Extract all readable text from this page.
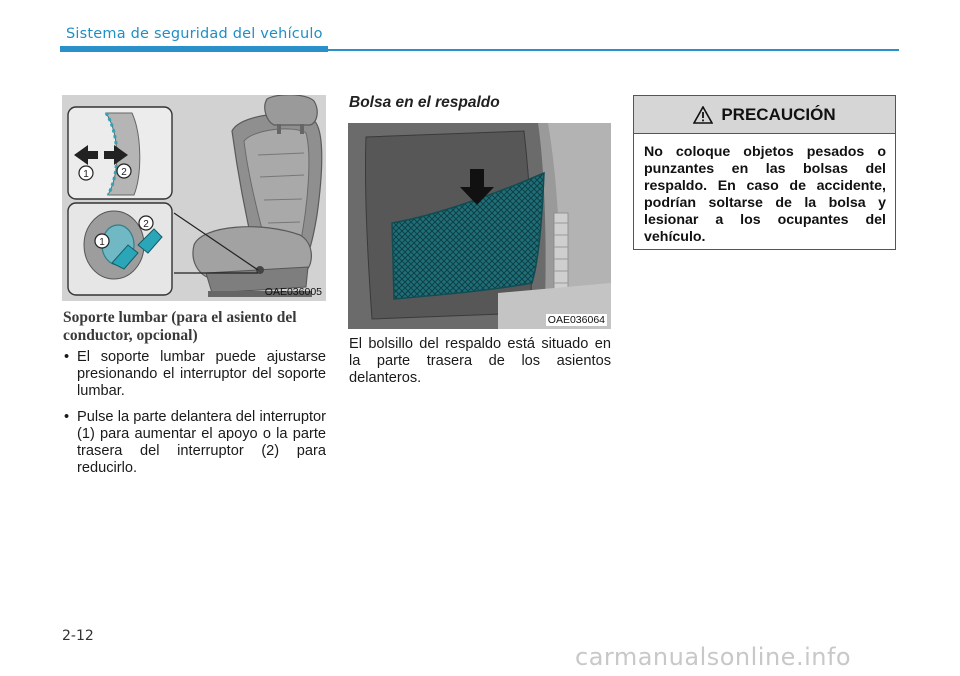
Sistema de seguridad del vehículo
1	2
1
2
OAE036005
Soporte lumbar (para el asiento del conductor, opcional)
• El soporte lumbar puede ajustarse presionando el interruptor del soporte lumbar.
• Pulse la parte delantera del interruptor (1) para aumentar el apoyo o la parte trasera del interruptor (2) para reducirlo.
Bolsa en el respaldo
OAE036064

El bolsillo del respaldo está situado en la parte trasera de los asientos delanteros.

PRECAUCIÓN

No coloque objetos pesados o punzantes en las bolsas del respaldo. En caso de accidente, podrían soltarse de la bolsa y lesionar a los ocupantes del vehículo.

2-12
carmanualsonline.info
